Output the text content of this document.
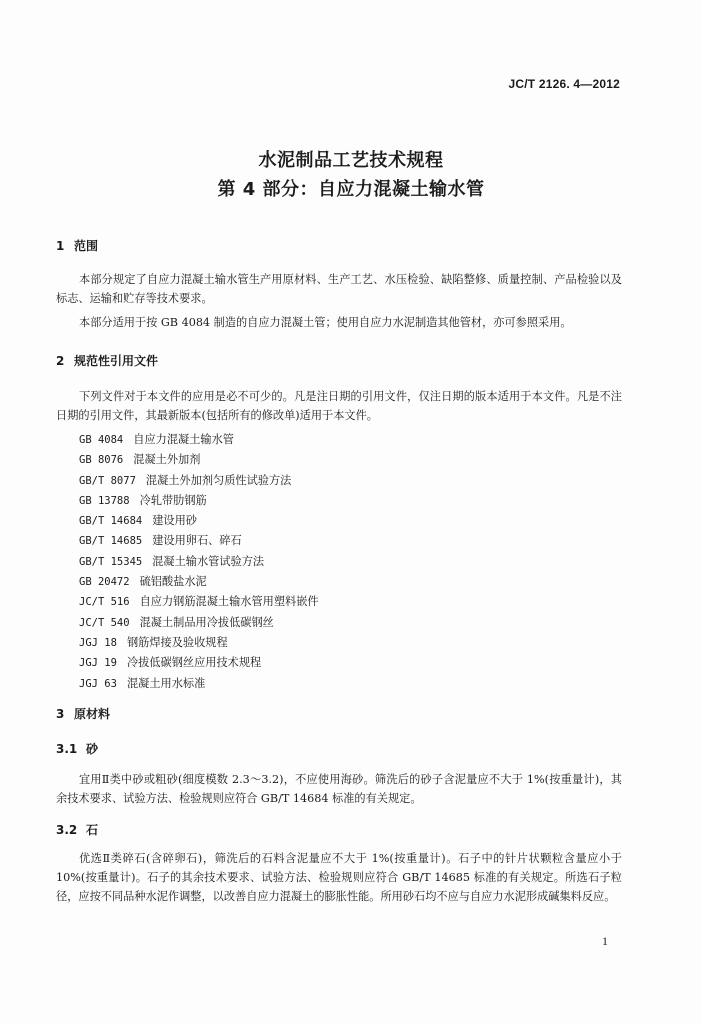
JC/T 2126. 4—2012
水泥制品工艺技术规程
第 4 部分：自应力混凝土输水管
1 范围
本部分规定了自应力混凝土输水管生产用原材料、生产工艺、水压检验、缺陷整修、质量控制、产品检验以及标志、运输和贮存等技术要求。
本部分适用于按 GB 4084 制造的自应力混凝土管；使用自应力水泥制造其他管材，亦可参照采用。
2 规范性引用文件
下列文件对于本文件的应用是必不可少的。凡是注日期的引用文件，仅注日期的版本适用于本文件。凡是不注日期的引用文件，其最新版本(包括所有的修改单)适用于本文件。
GB 4084 自应力混凝土输水管
GB 8076 混凝土外加剂
GB/T 8077 混凝土外加剂匀质性试验方法
GB 13788 冷轧带肋钢筋
GB/T 14684 建设用砂
GB/T 14685 建设用卵石、碎石
GB/T 15345 混凝土输水管试验方法
GB 20472 硫铝酸盐水泥
JC/T 516 自应力钢筋混凝土输水管用塑料嵌件
JC/T 540 混凝土制品用冷拔低碳钢丝
JGJ 18 钢筋焊接及验收规程
JGJ 19 冷拔低碳钢丝应用技术规程
JGJ 63 混凝土用水标准
3 原材料
3.1 砂
宜用Ⅱ类中砂或粗砂(细度模数 2.3～3.2)，不应使用海砂。筛洗后的砂子含泥量应不大于 1%(按重量计)，其余技术要求、试验方法、检验规则应符合 GB/T 14684 标准的有关规定。
3.2 石
优选Ⅱ类碎石(含碎卵石)，筛洗后的石料含泥量应不大于 1%(按重量计)。石子中的针片状颗粒含量应小于 10%(按重量计)。石子的其余技术要求、试验方法、检验规则应符合 GB/T 14685 标准的有关规定。所选石子粒径，应按不同品种水泥作调整，以改善自应力混凝土的膨胀性能。所用砂石均不应与自应力水泥形成碱集料反应。
1
